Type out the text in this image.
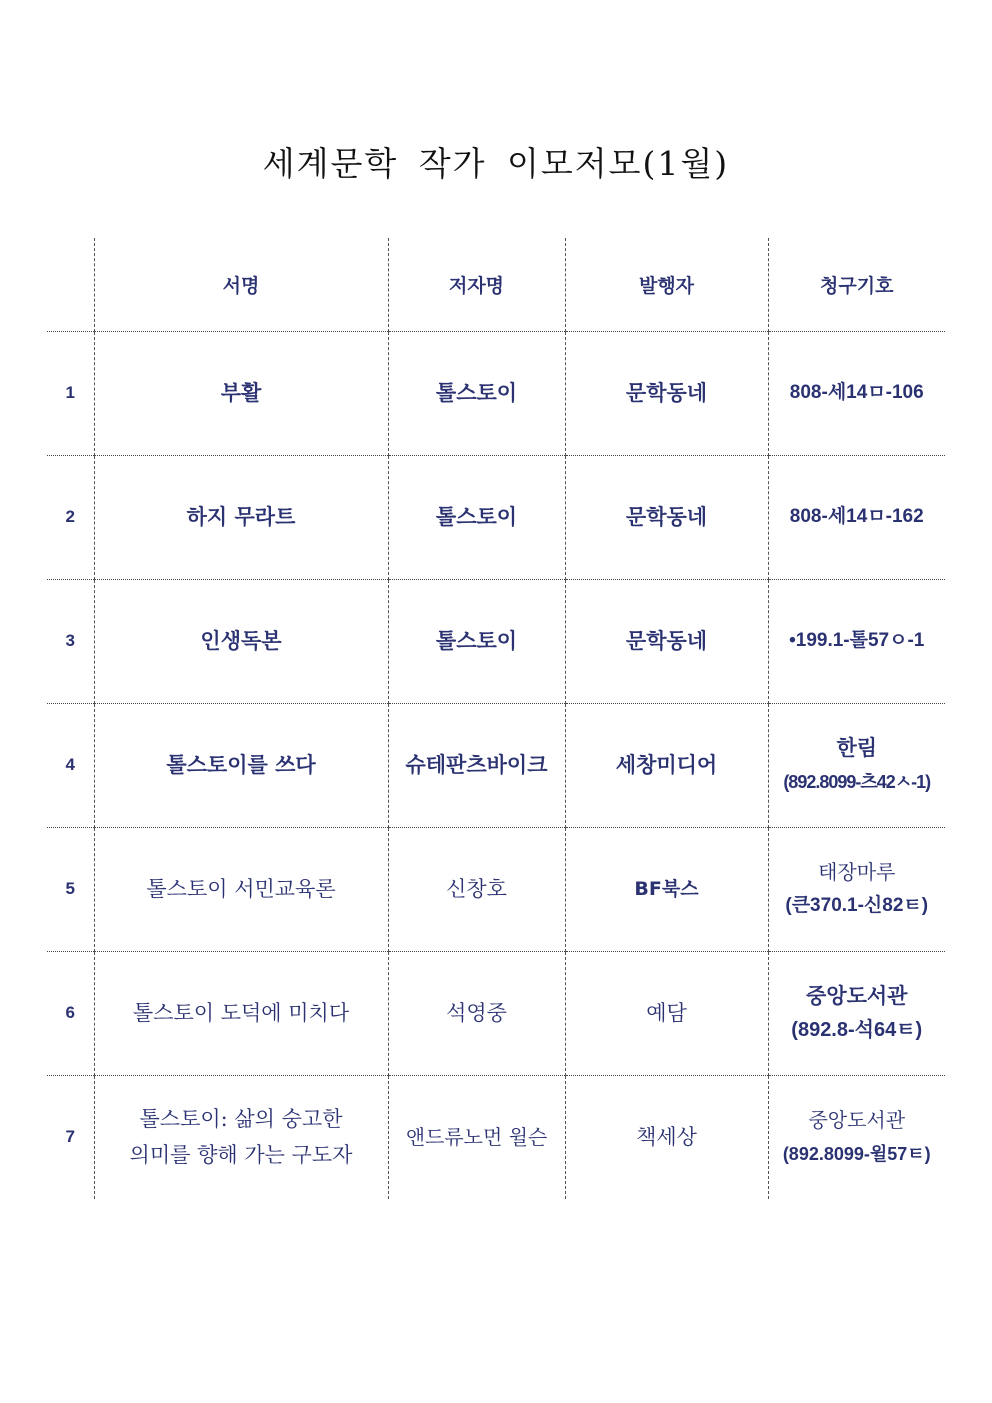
세계문학 작가 이모저모(1월)
	서명	저자명	발행자	청구기호
1	부활	톨스토이	문학동네	808-세14ㅁ-106

2	하지 무라트	톨스토이	문학동네	808-세14ㅁ-162

3	인생독본	톨스토이	문학동네	•199.1-톨57ㅇ-1

4	톨스토이를 쓰다	슈테판츠바이크	세창미디어	한림
(892.8099-츠42ㅅ-1)

5	톨스토이 서민교육론	신창호	BF북스	태장마루
(큰370.1-신82ㅌ)

6	톨스토이 도덕에 미치다	석영중	예담	중앙도서관
(892.8-석64ㅌ)

7	톨스토이: 삶의 숭고한
의미를 향해 가는 구도자	앤드류노먼 윌슨	책세상	중앙도서관
(892.8099-윌57ㅌ)
